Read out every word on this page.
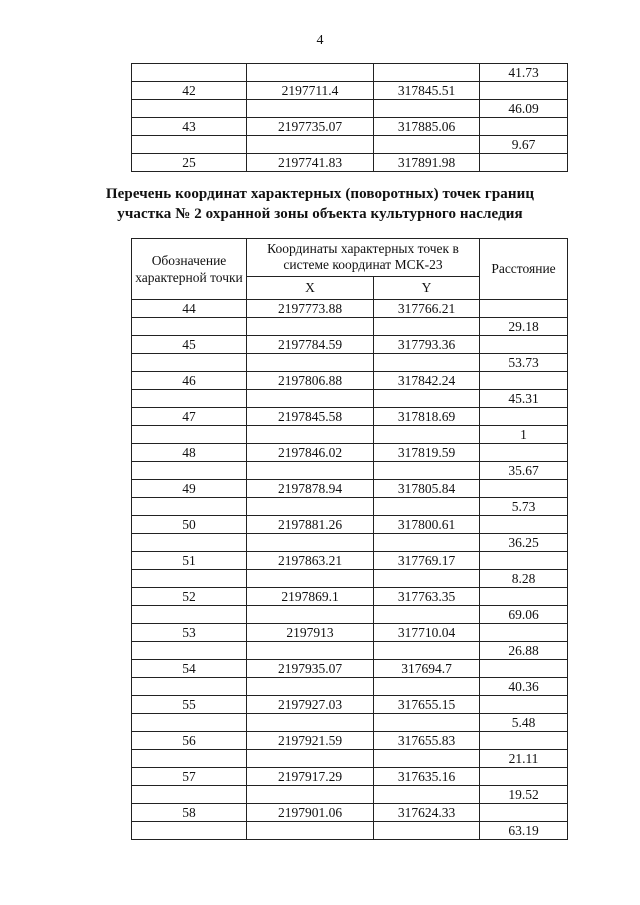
4
			41.73
42	2197711.4	317845.51	
			46.09
43	2197735.07	317885.06	
			9.67
25	2197741.83	317891.98	
Перечень координат характерных (поворотных) точек границ
участка № 2 охранной зоны объекта культурного наследия
Обозначение характерной точки	Координаты характерных точек в системе координат МСК-23		Расстояние
	X	Y	
44	2197773.88	317766.21	
			29.18
45	2197784.59	317793.36	
			53.73
46	2197806.88	317842.24	
			45.31
47	2197845.58	317818.69	
			1
48	2197846.02	317819.59	
			35.67
49	2197878.94	317805.84	
			5.73
50	2197881.26	317800.61	
			36.25
51	2197863.21	317769.17	
			8.28
52	2197869.1	317763.35	
			69.06
53	2197913	317710.04	
			26.88
54	2197935.07	317694.7	
			40.36
55	2197927.03	317655.15	
			5.48
56	2197921.59	317655.83	
			21.11
57	2197917.29	317635.16	
			19.52
58	2197901.06	317624.33	
			63.19
